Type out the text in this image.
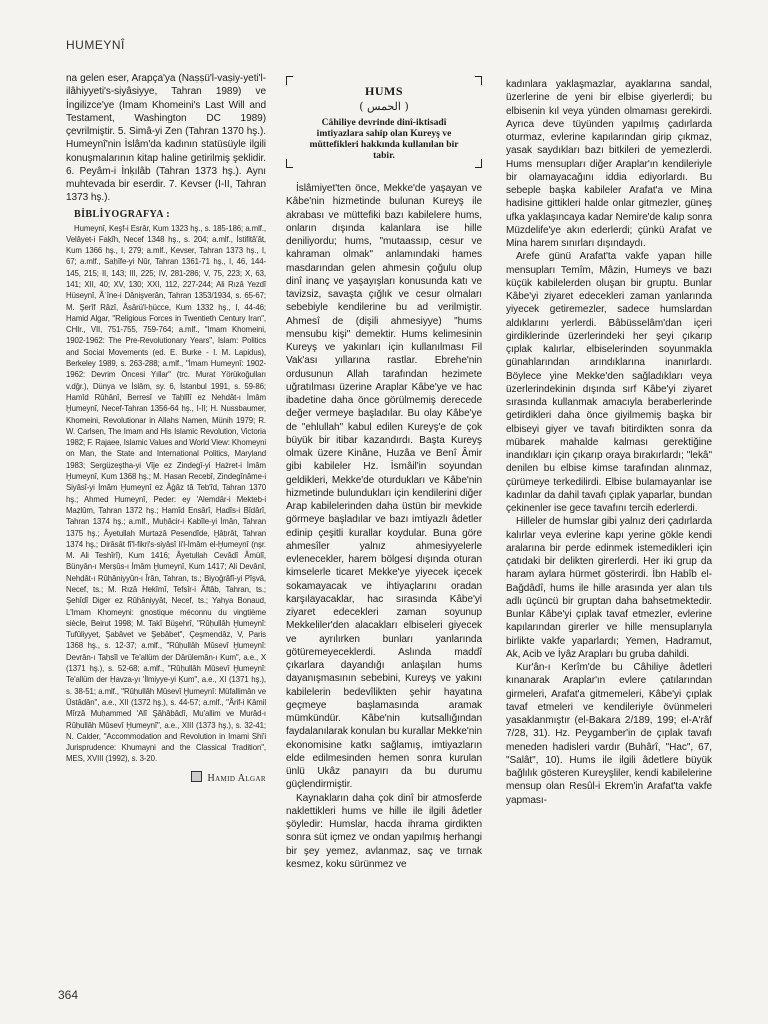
HUMEYNÎ

na gelen eser, Arapça'ya (Naṣṣü'l-vaṣiy-yeti'l-ilâhiyyeti's-siyâsiyye, Tahran 1989) ve İngilizce'ye (Imam Khomeini's Last Will and Testament, Washington DC 1989) çevrilmiştir. 5. Simâ-yi Zen (Tahran 1370 hş.). Humeynî'nin İslâm'da kadının statüsüyle ilgili konuşmalarının kitap haline getirilmiş şeklidir. 6. Peyâm-i İnḳılâb (Tahran 1373 hş.). Aynı muhtevada bir eserdir. 7. Kevser (I-II, Tahran 1373 hş.).

BİBLİYOGRAFYA :

Humeynî, Keşf-i Esrâr, Kum 1323 hş., s. 185-186; a.mlf., Velâyet-i Faḳîh, Necef 1348 hş., s. 204; a.mlf., İstifitâ'ât, Kum 1366 hş., I, 279; a.mlf., Kevser, Tahran 1373 hş., I, 67; a.mlf., Saḥîfe-yi Nûr, Tahran 1361-71 hş., I, 46, 144-145, 215; II, 143; III, 225; IV, 281-286; V, 75, 223; X, 63, 141; XII, 40; XV, 130; XXI, 112, 227-244; Ali Rızâ Yezdî Hüseynî, Âʾîne-i Dânişverân, Tahran 1353/1934, s. 65-67; M. Şerîf Râzî, Âsârü'l-ḥücce, Kum 1332 hş., I, 44-46; Hamid Algar, "Religious Forces in Twentieth Century Iran", CHIr., VII, 751-755, 759-764; a.mlf., "Imam Khomeini, 1902-1962: The Pre-Revolutionary Years", Islam: Politics and Social Movements (ed. E. Burke - I. M. Lapidus), Berkeley 1989, s. 263-288; a.mlf., "İmam Humeynî: 1902-1962: Devrim Öncesi Yıllar" (trc. Murat Yörükoğulları v.dğr.), Dünya ve İslâm, sy. 6, İstanbul 1991, s. 59-86; Hamîd Rûhânî, Berresî ve Taḥlîlî ez Nehdât-ı İmâm Ḫumeynî, Necef-Tahran 1356-64 hş., I-II; H. Nussbaumer, Khomeini, Revolutionar in Allahs Namen, Münih 1979; R. W. Carlsen, The Imam and His Islamic Revolution, Victoria 1982; F. Rajaee, Islamic Values and World View: Khomeyni on Man, the State and International Politics, Maryland 1983; Sergüzeştha-yi Vîje ez Zindegî-yi Ḥażret-i İmâm Ḫumeynî, Kum 1368 hş.; M. Hasan Recebî, Zindegînâme-i Siyâsî-yi İmâm Ḫumeynî ez Âġâz tâ Teb'îd, Tahran 1370 hş.; Ahmed Humeynî, Peder: ey 'Alemdâr-i Mekteb-i Maẓlûm, Tahran 1372 hş.; Hamîd Ensârî, Ḥadîs-i Bîdârî, Tahran 1374 hş.; a.mlf., Muḥâcir-i Ḳabîle-yi İmân, Tahran 1375 hş.; Âyetullah Murtazâ Pesendîde, Ḫâṭırât, Tahran 1374 hş.; Dirâsât fî'l-fikri's-siyâsî li'l-İmâm el-Ḫumeynî (nşr. M. Ali Teshîrî), Kum 1416; Âyetullah Cevâdî Âmülî, Bünyân-ı Merṣûs-ı İmâm Ḫumeynî, Kum 1417; Ali Devânî, Nehḍât-ı Rûḥâniyyûn-ı Îrân, Tahran, ts.; Biyoğrâfî-yi Pîşvâ, Necef, ts.; M. Rızâ Hekîmî, Tefsîr-i Âftâb, Tahran, ts.; Şehîdî Diger ez Rûḥâniyyât, Necef, ts.; Yahya Bonaud, L'Imam Khomeyni: gnostique méconnu du vingtième siècle, Beirut 1998; M. Takî Büşehrî, "Rûḥullâh Ḫumeynî: Tufûliyyet, Şabâvet ve Şebâbet", Çeşmendâz, V, Paris 1368 hş., s. 12-37; a.mlf., "Rûḥullâh Mûsevî Ḫumeynî: Devrân-ı Taḥsîl ve Te'allüm der Dârülemân-ı Kum", a.e., X (1371 hş.), s. 52-68; a.mlf., "Rûḥullâh Mûsevî Ḫumeynî: Te'allüm der Ḥavza-yı 'İlmiyye-yi Ḳum", a.e., XI (1371 hş.), s. 38-51; a.mlf., "Rûḥullâh Mûsevî Ḫumeynî: Müfallimân ve Üstâdân", a.e., XII (1372 hş.), s. 44-57; a.mlf., "Ârif-i Kâmil Mîrzâ Muḥammed 'Alî Şâhâbâdî, Mu'allim ve Murâd-ı Rûḥullâh Mûsevî Ḫumeynî", a.e., XIII (1373 hş.), s. 32-41; N. Calder, "Accommodation and Revolution in Imami Shi'i Jurisprudence: Khumayni and the Classical Tradition", MES, XVIII (1992), s. 3-20.

Hamid Algar
HUMS
( الحمس )
Câhiliye devrinde dinî-iktisadî imtiyazlara sahip olan Kureyş ve müttefikleri hakkında kullanılan bir tabir.

İslâmiyet'ten önce, Mekke'de yaşayan ve Kâbe'nin hizmetinde bulunan Kureyş ile akrabası ve müttefiki bazı kabilelere hums, onların dışında kalanlara ise hille deniliyordu; hums, "mutaassıp, cesur ve kahraman olmak" anlamındaki hames masdarından gelen ahmesin çoğulu olup dinî inanç ve yaşayışları konusunda katı ve tavizsiz, savaşta çığlık ve cesur olmaları sebebiyle kendilerine bu ad verilmiştir. Ahmesî de (dişili ahmesiyye) "hums mensubu kişi" demektir. Hums kelimesinin Kureyş ve yakınları için kullanılması Fil Vak'ası yıllarına rastlar. Ebrehe'nin ordusunun Allah tarafından hezimete uğratılması üzerine Araplar Kâbe'ye ve hac ibadetine daha önce görülmemiş derecede değer vermeye başladılar. Bu olay Kâbe'ye de "ehlullah" kabul edilen Kureyş'e de çok büyük bir itibar kazandırdı. Başta Kureyş olmak üzere Kinâne, Huzâa ve Benî Âmir gibi kabileler Hz. İsmâil'in soyundan geldikleri, Mekke'de oturdukları ve Kâbe'nin hizmetinde bulundukları için kendilerini diğer Arap kabilelerinden daha üstün bir mevkide görmeye başladılar ve bazı imtiyazlı âdetler edinip çeşitli kurallar koydular. Buna göre ahmesîler yalnız ahmesiyyelerle evlenecekler, harem bölgesi dışında oturan kimselerle ticaret Mekke'ye yiyecek içecek sokamayacak ve ihtiyaçlarını oradan karşılayacaklar, hac sırasında Kâbe'yi ziyaret edecekleri zaman soyunup Mekkeliler'den alacakları elbiseleri giyecek ve ayrılırken bunları yanlarında götüremeyeceklerdi. Aslında maddî çıkarlara dayandığı anlaşılan hums dayanışmasının sebebini, Kureyş ve yakını kabilelerin bedevîlikten şehir hayatına geçmeye başlamasında aramak mümkündür. Kâbe'nin kutsallığından faydalanılarak konulan bu kurallar Mekke'nin ekonomisine katkı sağlamış, imtiyazların elde edilmesinden hemen sonra kurulan ünlü Ukâz panayırı da bu durumu güçlendirmiştir.

Kaynakların daha çok dinî bir atmosferde naklettikleri hums ve hille ile ilgili âdetler şöyledir: Humslar, hacda ihrama girdikten sonra süt içmez ve ondan yapılmış herhangi bir şey yemez, avlanmaz, saç ve tırnak kesmez, koku sürünmez ve

kadınlara yaklaşmazlar, ayaklarına sandal, üzerlerine de yeni bir elbise giyerlerdi; bu elbisenin kıl veya yünden olmaması gerekirdi. Ayrıca deve tüyünden yapılmış çadırlarda oturmaz, evlerine kapılarından girip çıkmaz, yasak saydıkları bazı bitkileri de yemezlerdi. Hums mensupları diğer Araplar'ın kendileriyle bir olamayacağını iddia ediyorlardı. Bu sebeple başka kabileler Arafat'a ve Mina hadisine gittikleri halde onlar gitmezler, güneş ufka yaklaşıncaya kadar Nemire'de kalıp sonra Müzdelife'ye akın ederlerdi; çünkü Arafat ve Mina harem sınırları dışındaydı.

Arefe günü Arafat'ta vakfe yapan hille mensupları Temîm, Mâzin, Humeys ve bazı küçük kabilelerden oluşan bir gruptu. Bunlar Kâbe'yi ziyaret edecekleri zaman yanlarında yiyecek getiremezler, sadece humslardan aldıklarını yerlerdi. Bâbüsselâm'dan içeri girdiklerinde üzerlerindeki her şeyi çıkarıp çıplak kalırlar, elbiselerinden soyunmakla günahlarından arındıklarına inanırlardı. Böylece yine Mekke'den sağladıkları veya üzerlerindekinin dışında sırf Kâbe'yi ziyaret sırasında kullanmak amacıyla beraberlerinde getirdikleri daha önce giyilmemiş başka bir elbiseyi giyer ve tavafı bitirdikten sonra da mübarek mahalde kalması gerektiğine inandıkları için çıkarıp oraya bırakırlardı; "lekâ" denilen bu elbise kimse tarafından alınmaz, çürümeye terkedilirdi. Elbise bulamayanlar ise kadınlar da dahil tavafı çıplak yaparlar, bundan çekinenler ise gece tavafını tercih ederlerdi.

Hilleler de humslar gibi yalnız deri çadırlarda kalırlar veya evlerine kapı yerine gökle kendi aralarına bir perde edinmek istemedikleri için çatıdaki bir delikten girerlerdi. Her iki grup da haram aylara hürmet gösterirdi. İbn Habîb el-Bağdâdî, hums ile hille arasında yer alan tıls adlı üçüncü bir gruptan daha bahsetmektedir. Bunlar Kâbe'yi çıplak tavaf etmezler, evlerine kapılarından girerler ve hille mensuplarıyla birlikte vakfe yaparlardı; Yemen, Hadramut, Ak, Acib ve İyâz Arapları bu gruba dahildi.

Kur'ân-ı Kerîm'de bu Câhiliye âdetleri kınanarak Araplar'ın evlere çatılarından girmeleri, Arafat'a gitmemeleri, Kâbe'yi çıplak tavaf etmeleri ve kendileriyle övünmeleri yasaklanmıştır (el-Bakara 2/189, 199; el-A'râf 7/28, 31). Hz. Peygamber'in de çıplak tavafı meneden hadisleri vardır (Buhârî, "Hac", 67, "Salât", 10). Hums ile ilgili âdetlere büyük bağlılık gösteren Kureyşliler, kendi kabilelerine mensup olan Resûl-i Ekrem'in Arafat'ta vakfe yapması-

364
